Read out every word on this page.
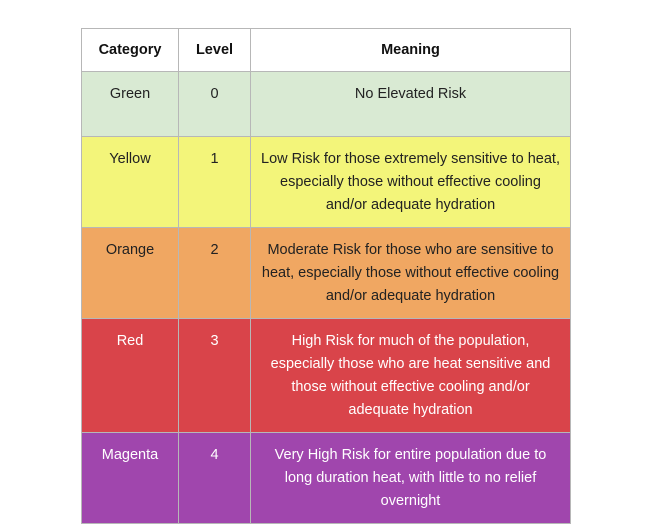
Category	Level	Meaning
Green	0	No Elevated Risk
Yellow	1	Low Risk for those extremely sensitive to heat, especially those without effective cooling and/or adequate hydration
Orange	2	Moderate Risk for those who are sensitive to heat, especially those without effective cooling and/or adequate hydration
Red	3	High Risk for much of the population, especially those who are heat sensitive and those without effective cooling and/or adequate hydration
Magenta	4	Very High Risk for entire population due to long duration heat, with little to no relief overnight
